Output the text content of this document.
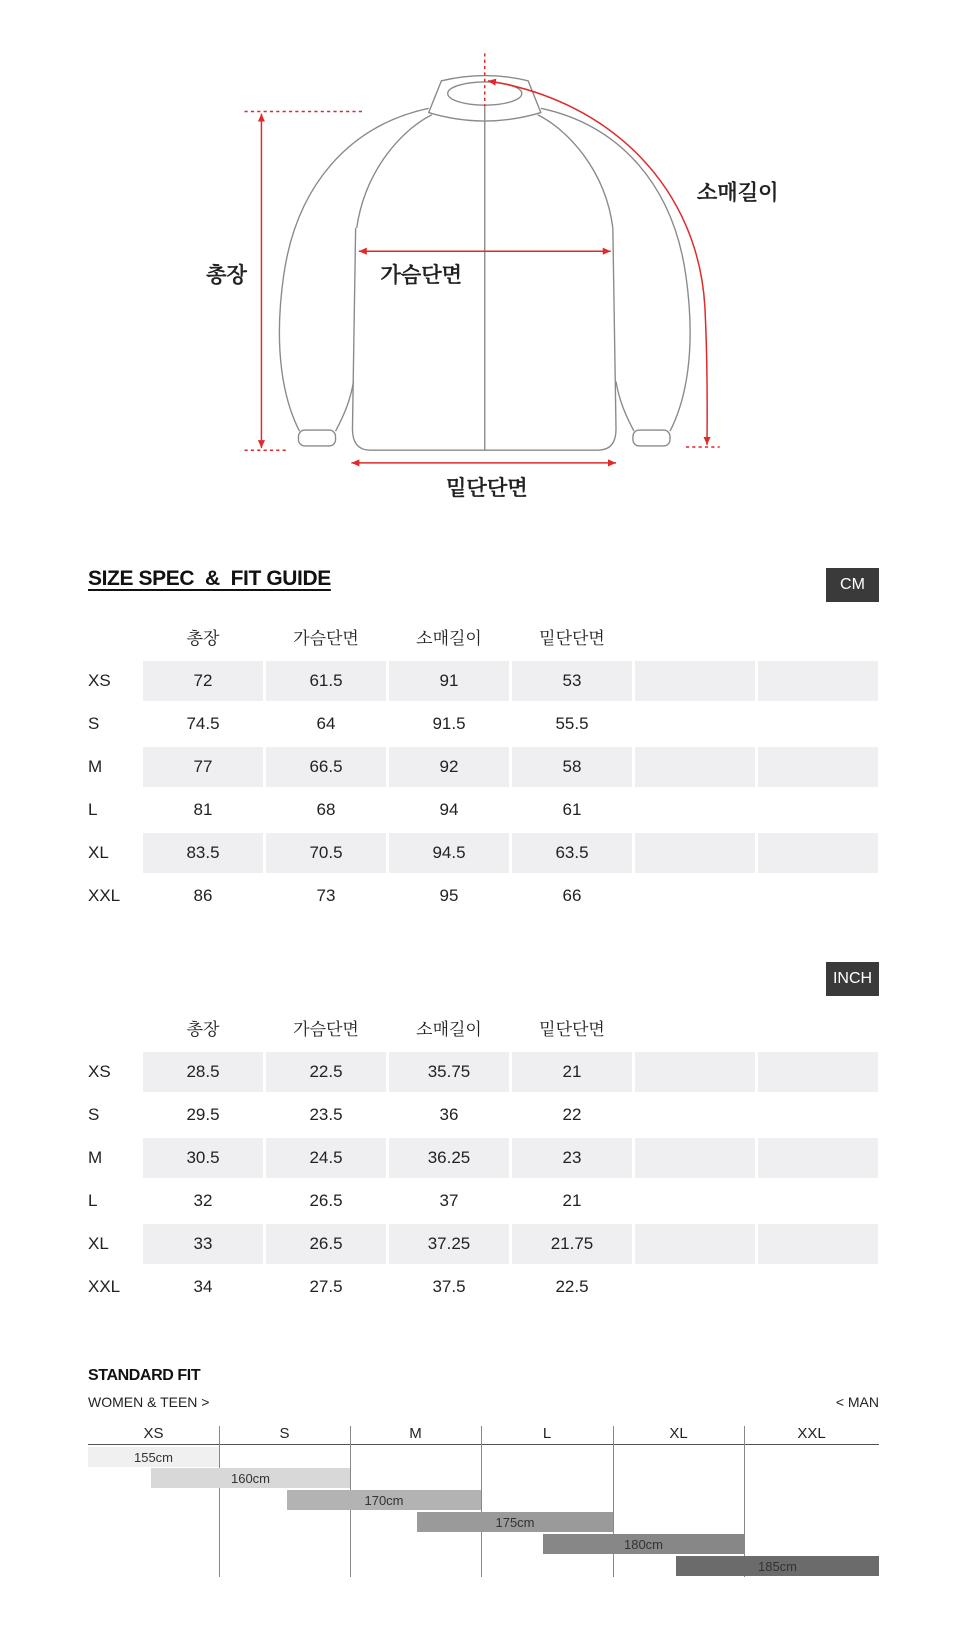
총장	가슴단면
소매길이
밑단단면
SIZE SPEC  &  FIT GUIDE	CM
총장	가슴단면	소매길이	밑단단면
XS	72	61.5	91	53
S	74.5	64	91.5	55.5
M	77	66.5	92	58
L	81	68	94	61
XL	83.5	70.5	94.5	63.5
XXL	86	73	95	66
INCH
총장	가슴단면	소매길이	밑단단면
XS	28.5	22.5	35.75	21
S	29.5	23.5	36	22
M	30.5	24.5	36.25	23
L	32	26.5	37	21
XL	33	26.5	37.25	21.75
XXL	34	27.5	37.5	22.5
STANDARD FIT
WOMEN & TEEN >	< MAN
XS	S	M	L	XL	XXL
155cm
160cm
170cm
175cm
180cm
185cm
